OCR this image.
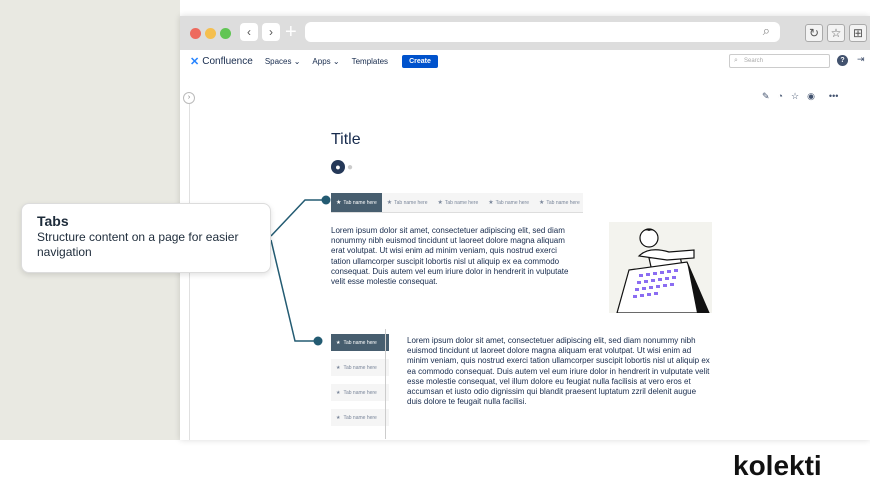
‹	› +	⌕	↻ ☆ ⊞
✕ Confluence Spaces ⌄ Apps ⌄ Templates	Create	⌕ Search	?	⇥
›	✎ ◔ ☆ ◉ •••
Title
● ●
★ Tab name here ★ Tab name here ★ Tab name here ★ Tab name here ★ Tab name here
Lorem ipsum dolor sit amet, consectetuer adipiscing elit, sed diam nonummy nibh euismod tincidunt ut laoreet dolore magna aliquam erat volutpat. Ut wisi enim ad minim veniam, quis nostrud exerci tation ullamcorper suscipit lobortis nisl ut aliquip ex ea commodo consequat. Duis autem vel eum iriure dolor in hendrerit in vulputate velit esse molestie consequat.
★ Tab name here
★ Tab name here
★ Tab name here
★ Tab name here
Lorem ipsum dolor sit amet, consectetuer adipiscing elit, sed diam nonummy nibh euismod tincidunt ut laoreet dolore magna aliquam erat volutpat. Ut wisi enim ad minim veniam, quis nostrud exerci tation ullamcorper suscipit lobortis nisl ut aliquip ex ea commodo consequat. Duis autem vel eum iriure dolor in hendrerit in vulputate velit esse molestie consequat, vel illum dolore eu feugiat nulla facilisis at vero eros et accumsan et iusto odio dignissim qui blandit praesent luptatum zzril delenit augue duis dolore te feugait nulla facilisi.
Tabs

Structure content on a page for easier navigation

kolekti
